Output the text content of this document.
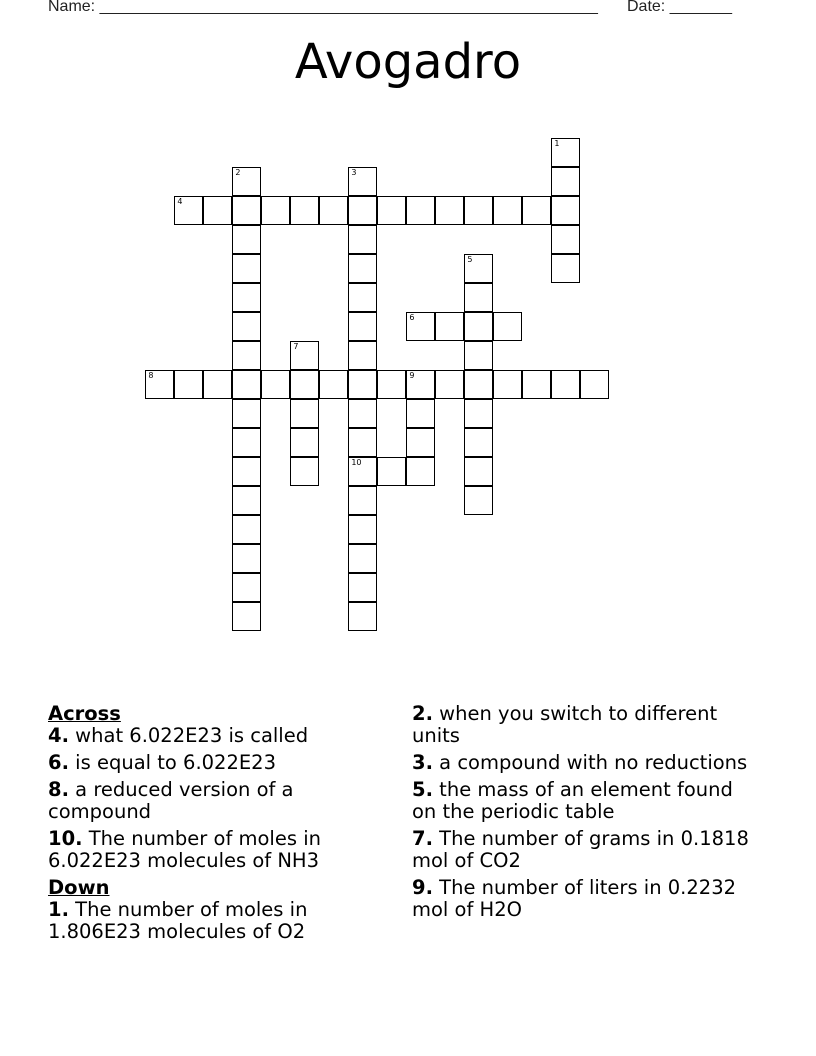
Name: ________________________________________________________ Date: _______
Avogadro
4
6
8	9
10
1
2	3
5
7
Across
4. what 6.022E23 is called
6. is equal to 6.022E23
8. a reduced version of a compound
10. The number of moles in 6.022E23 molecules of NH3
Down
1. The number of moles in 1.806E23 molecules of O2
2. when you switch to different units
3. a compound with no reductions
5. the mass of an element found on the periodic table
7. The number of grams in 0.1818 mol of CO2
9. The number of liters in 0.2232 mol of H2O
